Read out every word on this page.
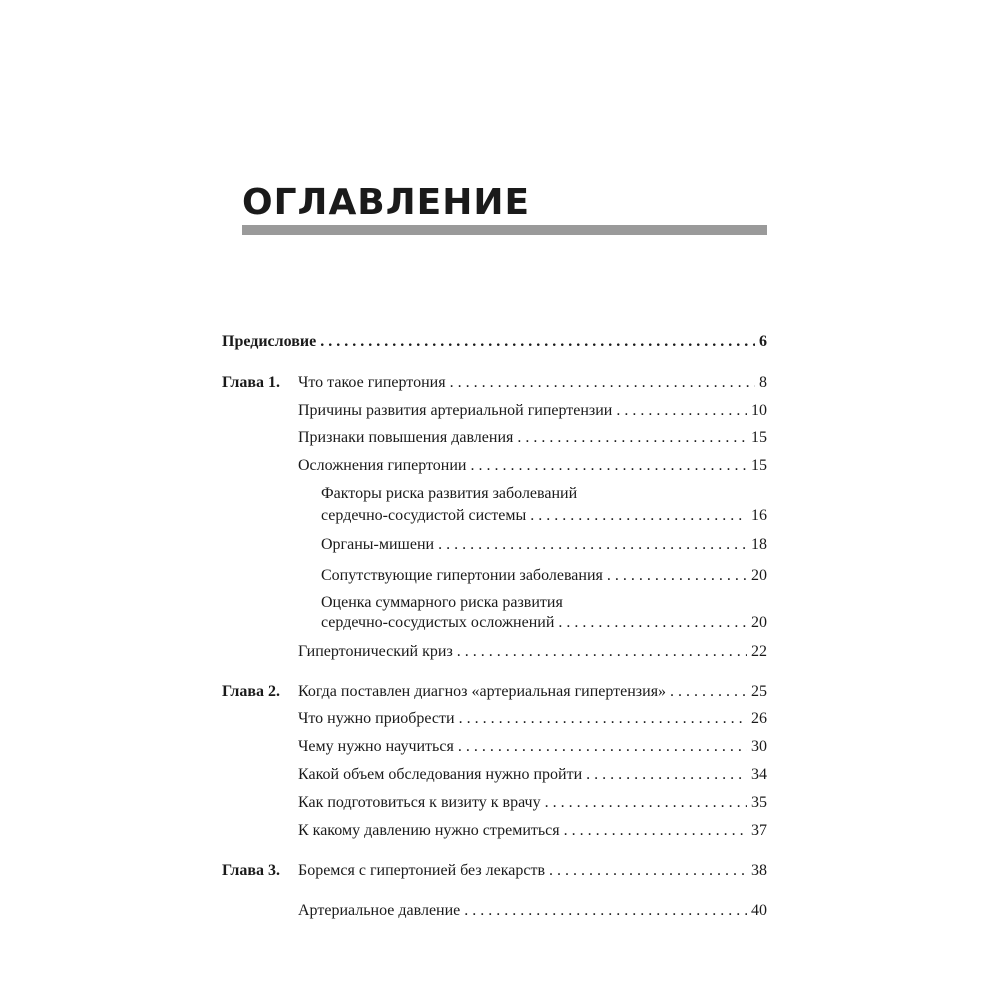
ОГЛАВЛЕНИЕ
Предисловие . . .	6
Глава 1.	Что такое гипертония . . .	8
Причины развития артериальной гипертензии . . .	10
Признаки повышения давления . . .	15
Осложнения гипертонии . . .	15
Факторы риска развития заболеваний
сердечно-сосудистой системы . . .	16
Органы-мишени . . .	18
Сопутствующие гипертонии заболевания . . .	20
Оценка суммарного риска развития
сердечно-сосудистых осложнений . . .	20
Гипертонический криз . . .	22
Глава 2.	Когда поставлен диагноз «артериальная гипертензия» . . .	25
Что нужно приобрести . . .	26
Чему нужно научиться . . .	30
Какой объем обследования нужно пройти . . .	34
Как подготовиться к визиту к врачу . . .	35
К какому давлению нужно стремиться . . .	37
Глава 3.	Боремся с гипертонией без лекарств . . .	38
Артериальное давление . . .	40
